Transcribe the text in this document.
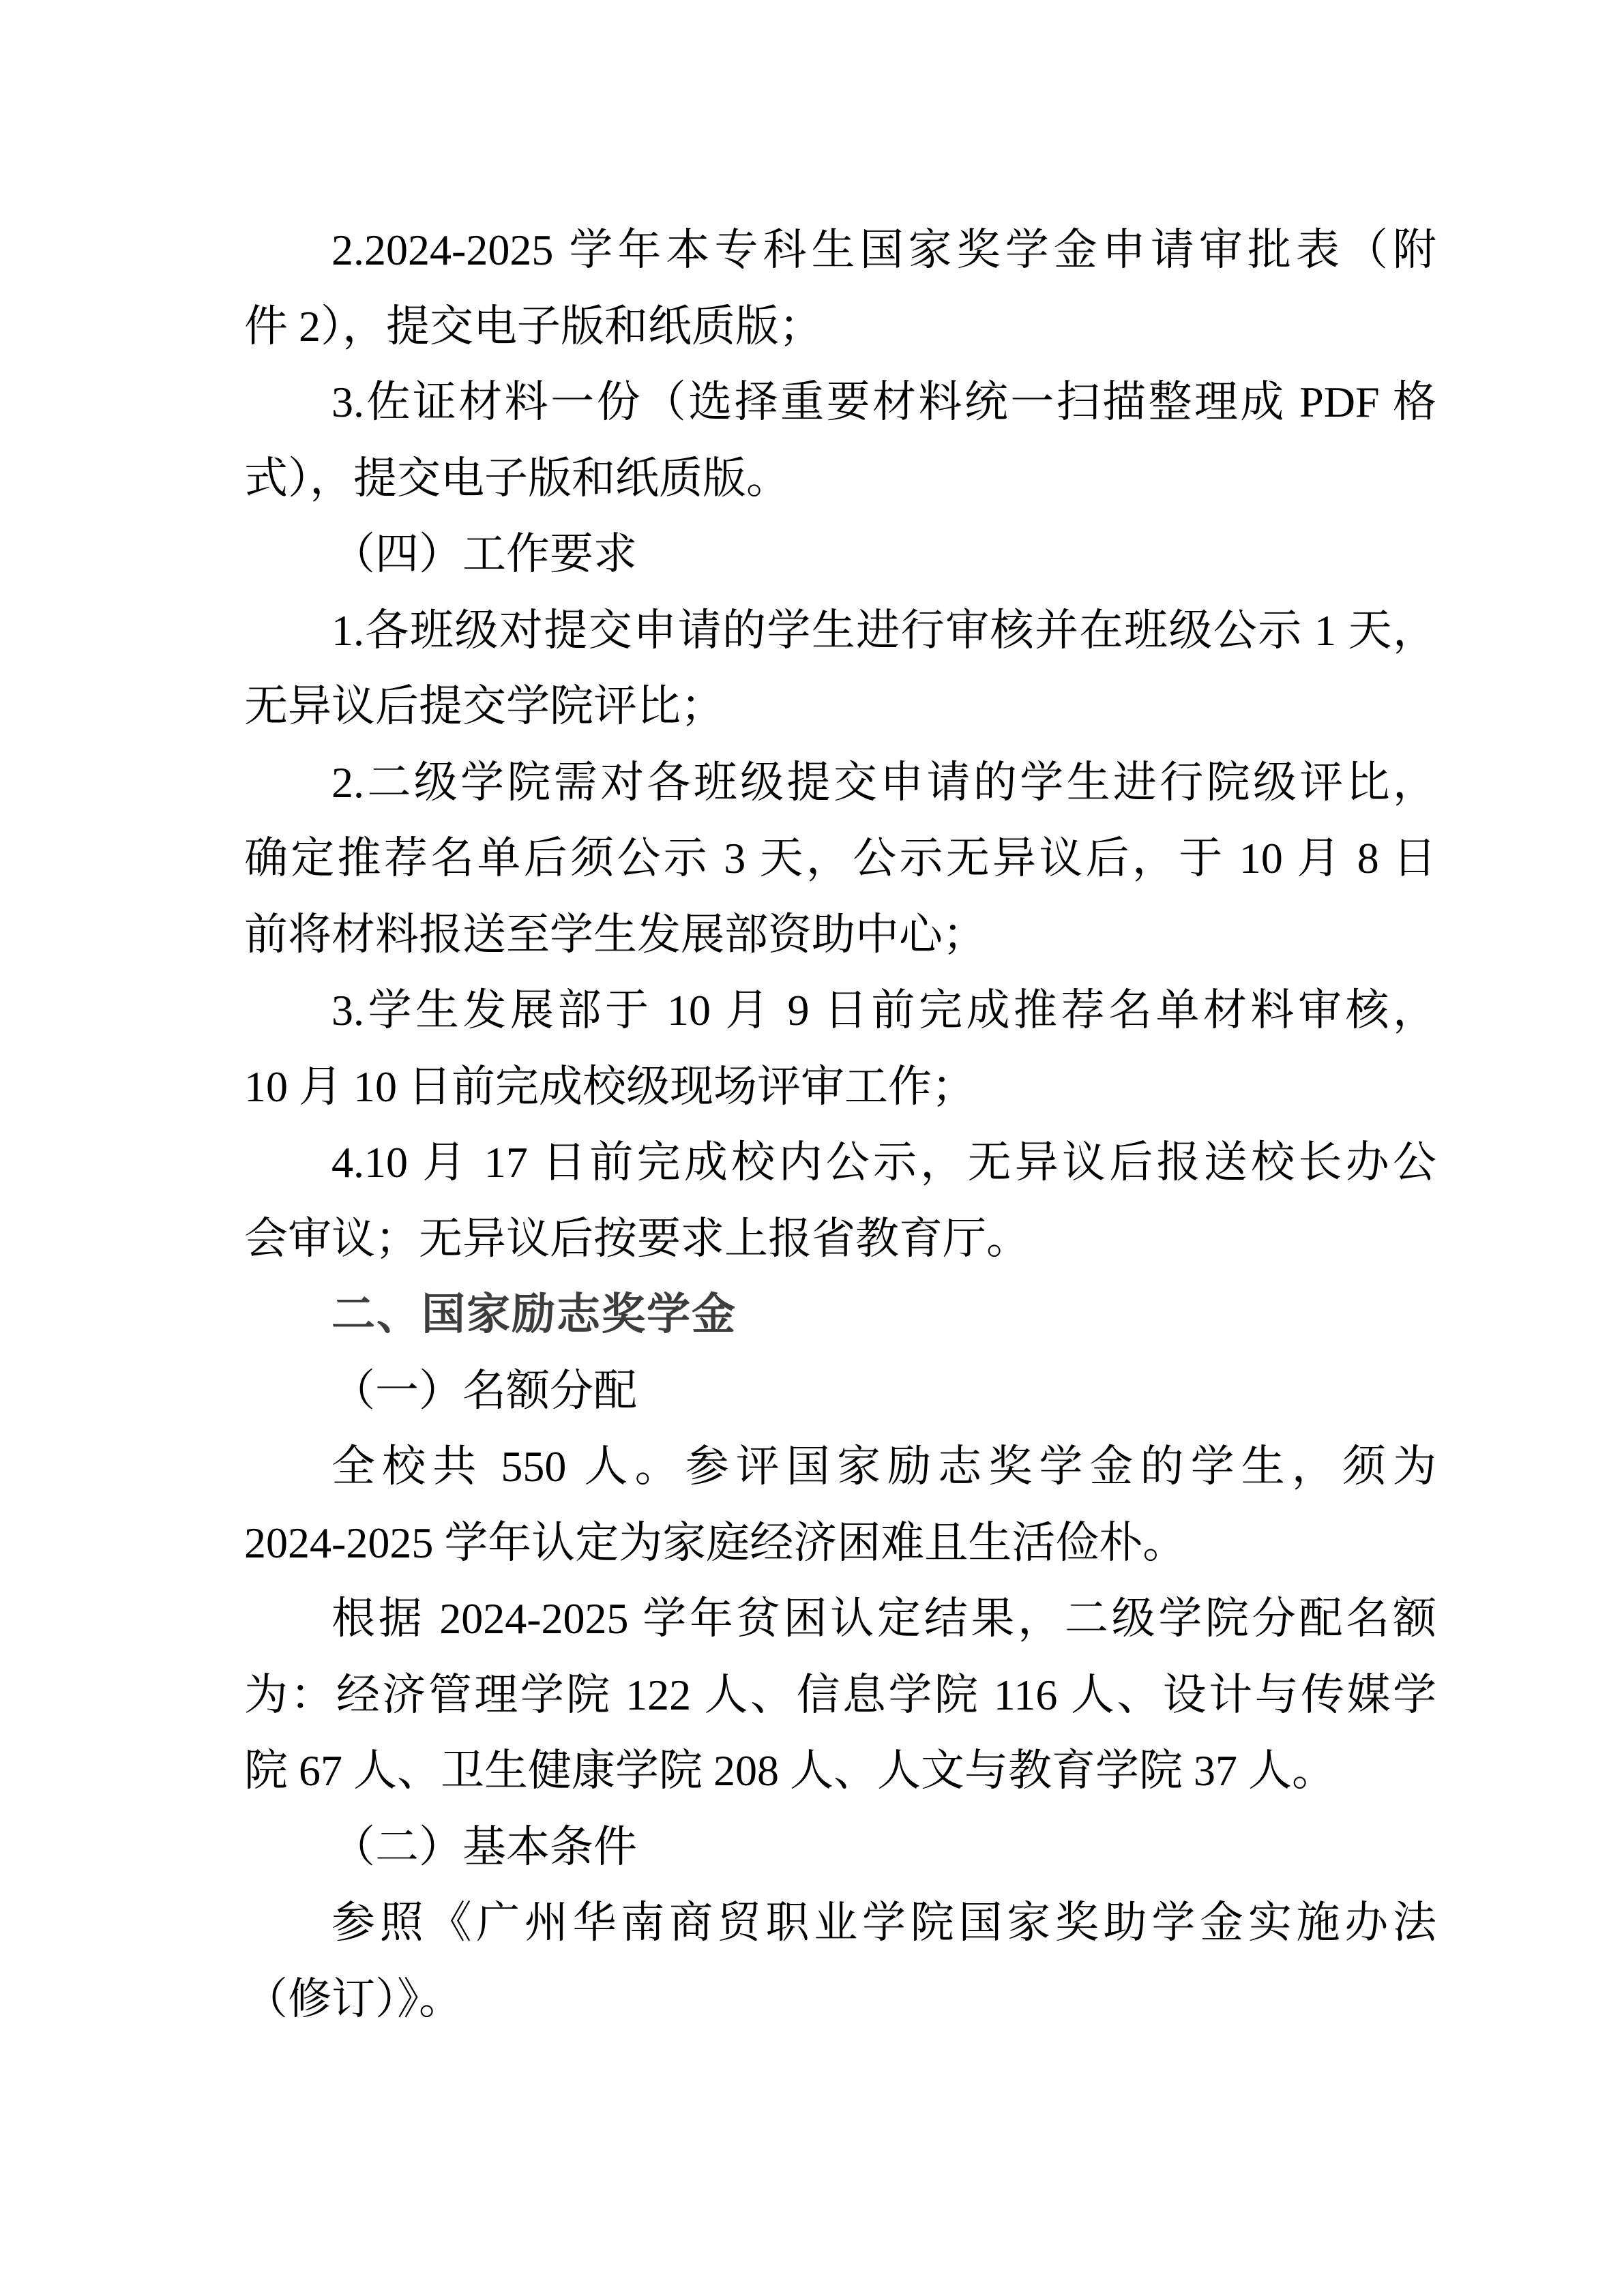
2.2024-2025 学年本专科生国家奖学金申请审批表（附

件 2），提交电子版和纸质版；

3.佐证材料一份（选择重要材料统一扫描整理成 PDF 格

式），提交电子版和纸质版。

（四）工作要求

1.各班级对提交申请的学生进行审核并在班级公示 1 天，

无异议后提交学院评比；

2.二级学院需对各班级提交申请的学生进行院级评比，

确定推荐名单后须公示 3 天，公示无异议后，于 10 月 8 日

前将材料报送至学生发展部资助中心；

3.学生发展部于 10 月 9 日前完成推荐名单材料审核，

10 月 10 日前完成校级现场评审工作；

4.10 月 17 日前完成校内公示，无异议后报送校长办公

会审议；无异议后按要求上报省教育厅。

二、国家励志奖学金

（一）名额分配

全校共 550 人。参评国家励志奖学金的学生，须为

2024-2025 学年认定为家庭经济困难且生活俭朴。

根据 2024-2025 学年贫困认定结果，二级学院分配名额

为：经济管理学院 122 人、信息学院 116 人、设计与传媒学

院 67 人、卫生健康学院 208 人、人文与教育学院 37 人。

（二）基本条件

参照《广州华南商贸职业学院国家奖助学金实施办法

（修订）》。
